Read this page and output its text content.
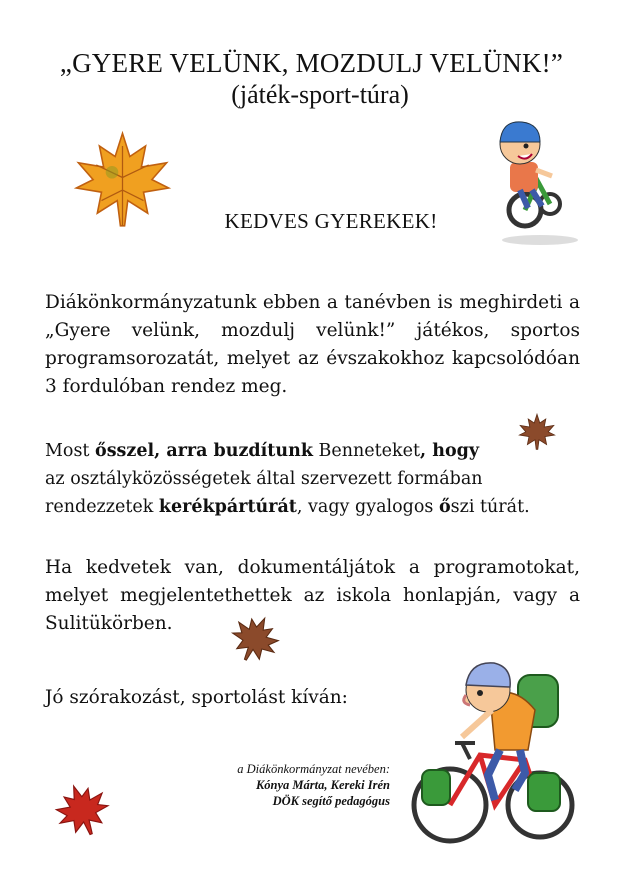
„GYERE VELÜNK, MOZDULJ VELÜNK!”
(játék-sport-túra)
KEDVES GYEREKEK!
Diákönkormányzatunk ebben a tanévben is meghirdeti a „Gyere velünk, mozdulj velünk!” játékos, sportos programsorozatát, melyet az évszakokhoz kapcsolódóan 3 fordulóban rendez meg.
Most ősszel, arra buzdítunk Benneteket, hogy
az osztályközösségetek által szervezett formában rendezzetek kerékpártúrát, vagy gyalogos őszi túrát.
Ha kedvetek van, dokumentáljátok a programotokat, melyet megjelentethettek az iskola honlapján, vagy a Sulitükörben.
Jó szórakozást, sportolást kíván:
a Diákönkormányzat nevében:
Kónya Márta, Kereki Irén
DÖK segítő pedagógus
